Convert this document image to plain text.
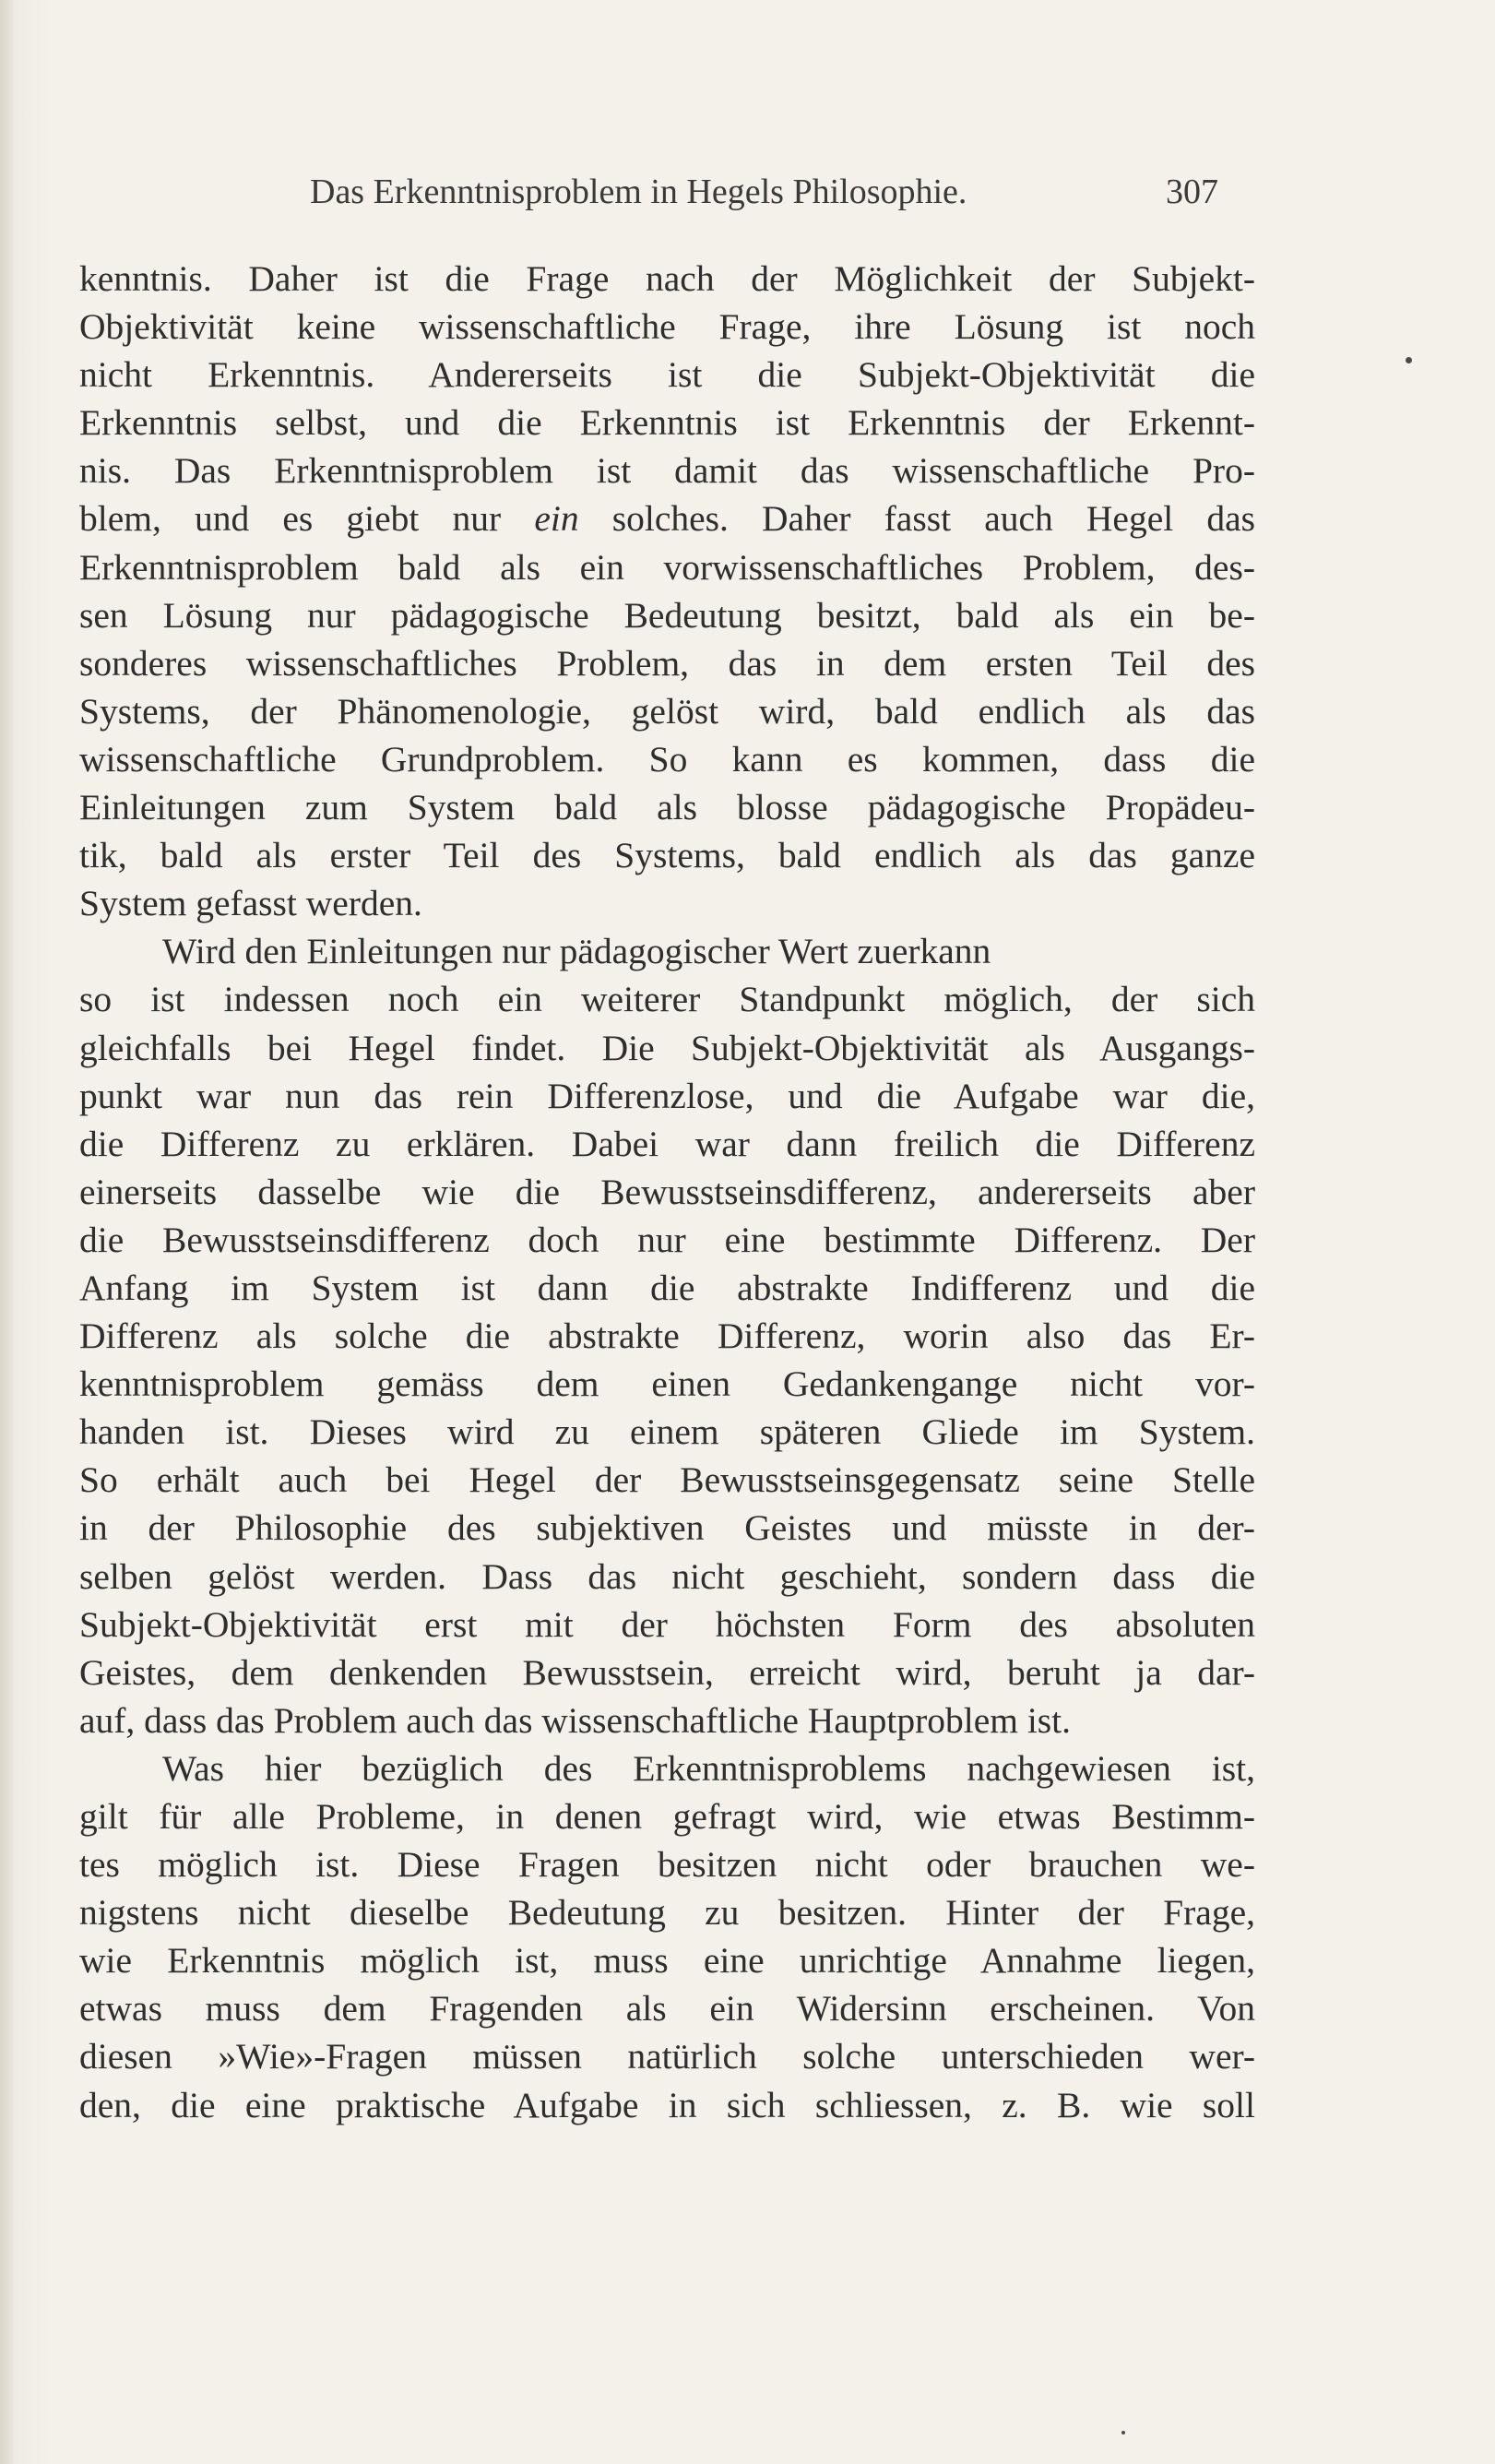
Das Erkenntnisproblem in Hegels Philosophie.	307
kenntnis. Daher ist die Frage nach der Möglichkeit der Subjekt-
Objektivität keine wissenschaftliche Frage, ihre Lösung ist noch
nicht Erkenntnis. Andererseits ist die Subjekt-Objektivität die
Erkenntnis selbst, und die Erkenntnis ist Erkenntnis der Erkennt-
nis. Das Erkenntnisproblem ist damit das wissenschaftliche Pro-
blem, und es giebt nur ein solches. Daher fasst auch Hegel das
Erkenntnisproblem bald als ein vorwissenschaftliches Problem, des-
sen Lösung nur pädagogische Bedeutung besitzt, bald als ein be-
sonderes wissenschaftliches Problem, das in dem ersten Teil des
Systems, der Phänomenologie, gelöst wird, bald endlich als das
wissenschaftliche Grundproblem. So kann es kommen, dass die
Einleitungen zum System bald als blosse pädagogische Propädeu-
tik, bald als erster Teil des Systems, bald endlich als das ganze
System gefasst werden.
Wird den Einleitungen nur pädagogischer Wert zuerkann
so ist indessen noch ein weiterer Standpunkt möglich, der sich
gleichfalls bei Hegel findet. Die Subjekt-Objektivität als Ausgangs-
punkt war nun das rein Differenzlose, und die Aufgabe war die,
die Differenz zu erklären. Dabei war dann freilich die Differenz
einerseits dasselbe wie die Bewusstseinsdifferenz, andererseits aber
die Bewusstseinsdifferenz doch nur eine bestimmte Differenz. Der
Anfang im System ist dann die abstrakte Indifferenz und die
Differenz als solche die abstrakte Differenz, worin also das Er-
kenntnisproblem gemäss dem einen Gedankengange nicht vor-
handen ist. Dieses wird zu einem späteren Gliede im System.
So erhält auch bei Hegel der Bewusstseinsgegensatz seine Stelle
in der Philosophie des subjektiven Geistes und müsste in der-
selben gelöst werden. Dass das nicht geschieht, sondern dass die
Subjekt-Objektivität erst mit der höchsten Form des absoluten
Geistes, dem denkenden Bewusstsein, erreicht wird, beruht ja dar-
auf, dass das Problem auch das wissenschaftliche Hauptproblem ist.
Was hier bezüglich des Erkenntnisproblems nachgewiesen ist,
gilt für alle Probleme, in denen gefragt wird, wie etwas Bestimm-
tes möglich ist. Diese Fragen besitzen nicht oder brauchen we-
nigstens nicht dieselbe Bedeutung zu besitzen. Hinter der Frage,
wie Erkenntnis möglich ist, muss eine unrichtige Annahme liegen,
etwas muss dem Fragenden als ein Widersinn erscheinen. Von
diesen »Wie»-Fragen müssen natürlich solche unterschieden wer-
den, die eine praktische Aufgabe in sich schliessen, z. B. wie soll
